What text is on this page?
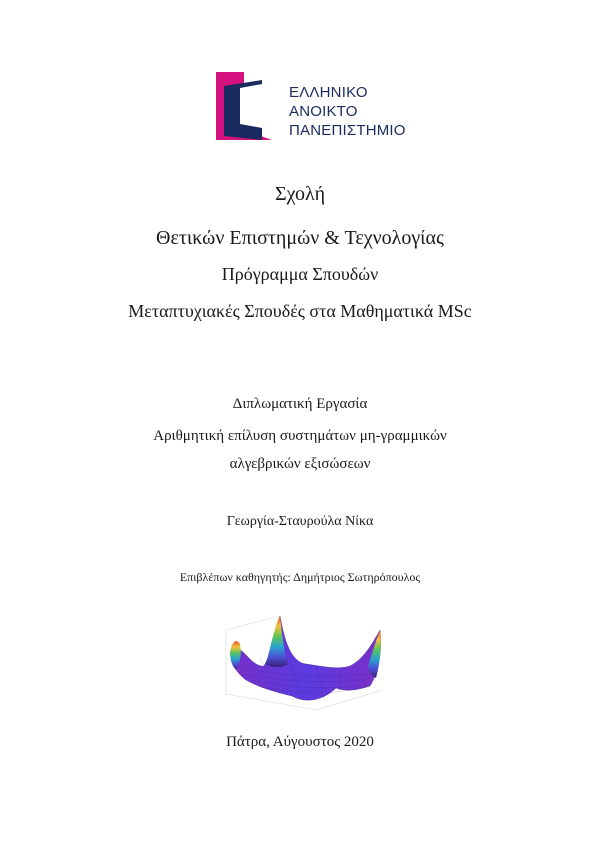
ΕΛΛΗΝΙΚΟ
ΑΝΟΙΚΤΟ
ΠΑΝΕΠΙΣΤΗΜΙΟ
Σχολή
Θετικών Επιστημών & Τεχνολογίας
Πρόγραμμα Σπουδών
Μεταπτυχιακές Σπουδές στα Μαθηματικά MSc
Διπλωματική Εργασία
Αριθμητική επίλυση συστημάτων μη-γραμμικών
αλγεβρικών εξισώσεων
Γεωργία-Σταυρούλα Νίκα
Επιβλέπων καθηγητής: Δημήτριος Σωτηρόπουλος
Πάτρα, Αύγουστος 2020
